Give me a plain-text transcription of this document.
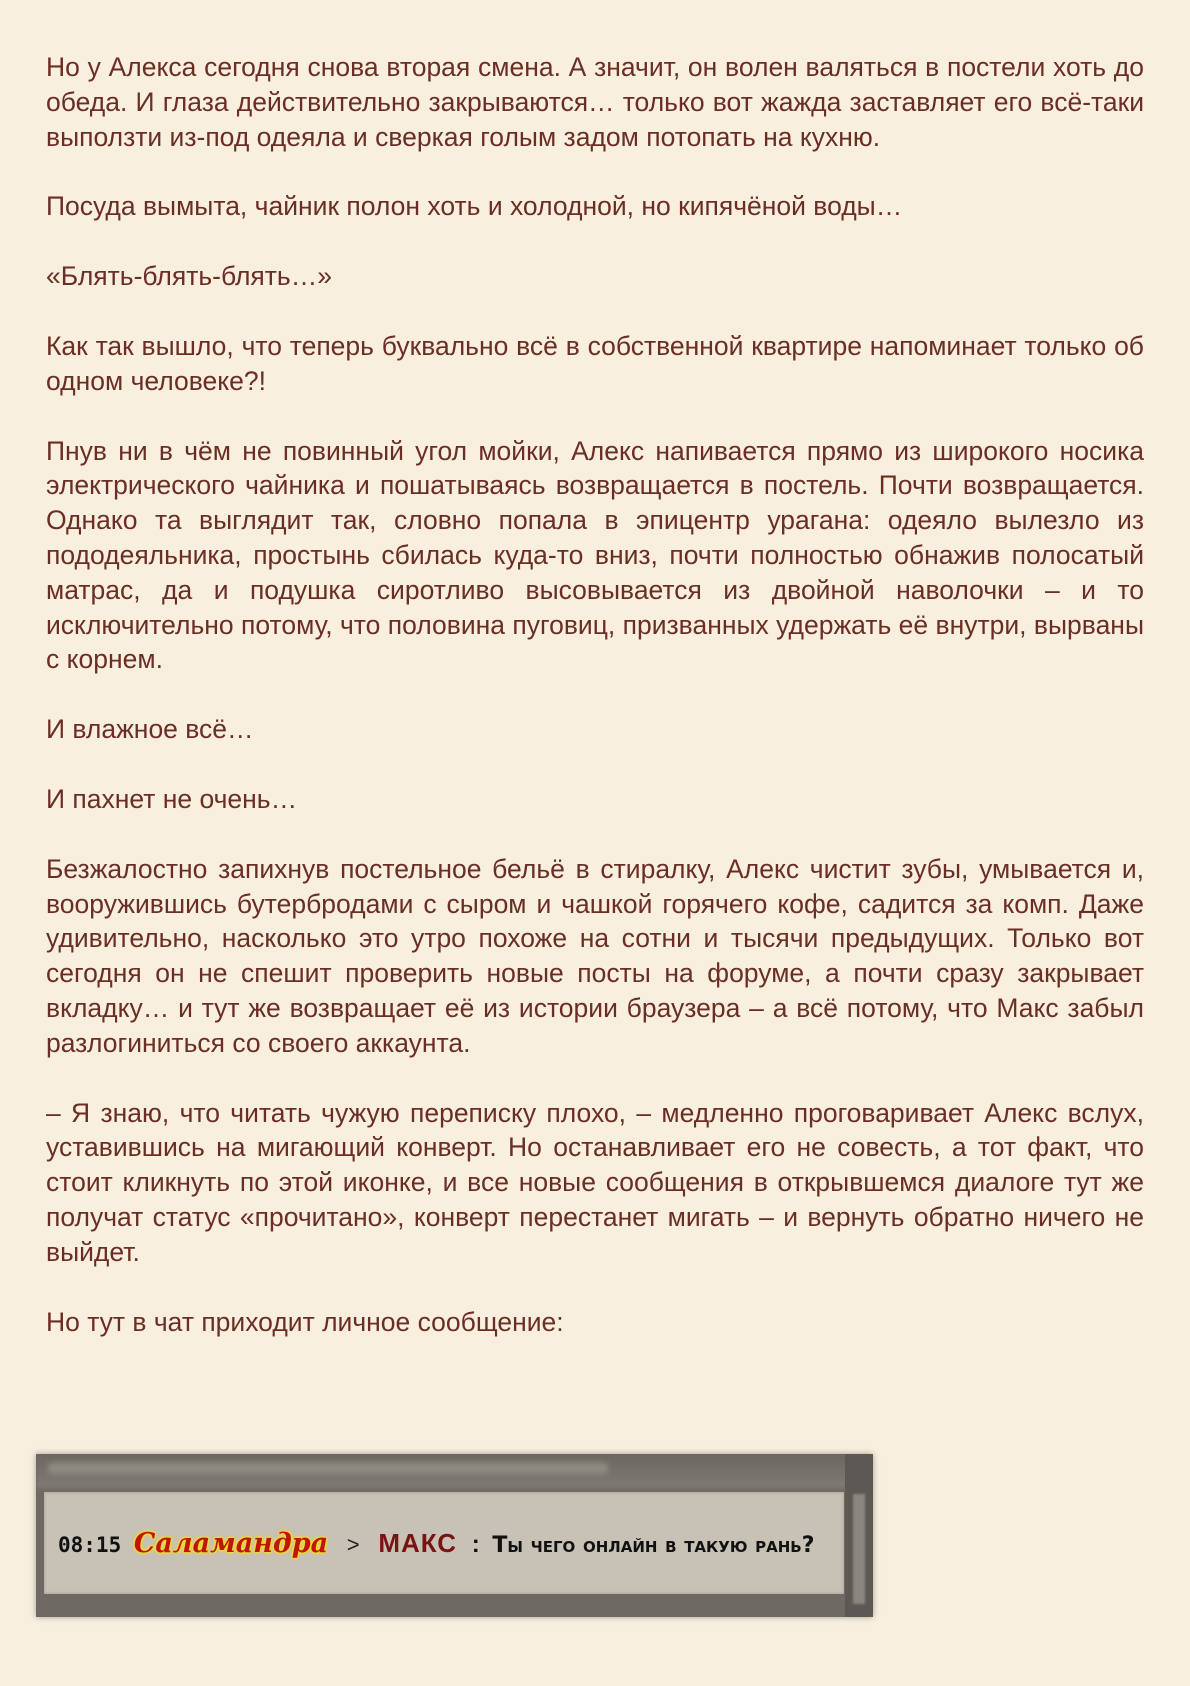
Но у Алекса сегодня снова вторая смена. А значит, он волен валяться в постели хоть до обеда. И глаза действительно закрываются… только вот жажда заставляет его всё-таки выползти из-под одеяла и сверкая голым задом потопать на кухню.

Посуда вымыта, чайник полон хоть и холодной, но кипячёной воды…

«Блять-блять-блять…»

Как так вышло, что теперь буквально всё в собственной квартире напоминает только об одном человеке?!

Пнув ни в чём не повинный угол мойки, Алекс напивается прямо из широкого носика электрического чайника и пошатываясь возвращается в постель. Почти возвращается. Однако та выглядит так, словно попала в эпицентр урагана: одеяло вылезло из пододеяльника, простынь сбилась куда-то вниз, почти полностью обнажив полосатый матрас, да и подушка сиротливо высовывается из двойной наволочки – и то исключительно потому, что половина пуговиц, призванных удержать её внутри, вырваны с корнем.

И влажное всё…

И пахнет не очень…

Безжалостно запихнув постельное бельё в стиралку, Алекс чистит зубы, умывается и, вооружившись бутербродами с сыром и чашкой горячего кофе, садится за комп. Даже удивительно, насколько это утро похоже на сотни и тысячи предыдущих. Только вот сегодня он не спешит проверить новые посты на форуме, а почти сразу закрывает вкладку… и тут же возвращает её из истории браузера – а всё потому, что Макс забыл разлогиниться со своего аккаунта.

– Я знаю, что читать чужую переписку плохо, – медленно проговаривает Алекс вслух, уставившись на мигающий конверт. Но останавливает его не совесть, а тот факт, что стоит кликнуть по этой иконке, и все новые сообщения в открывшемся диалоге тут же получат статус «прочитано», конверт перестанет мигать – и вернуть обратно ничего не выйдет.

Но тут в чат приходит личное сообщение:

08:15 Саламандра > МАКС : Ты чего онлайн в такую рань?
